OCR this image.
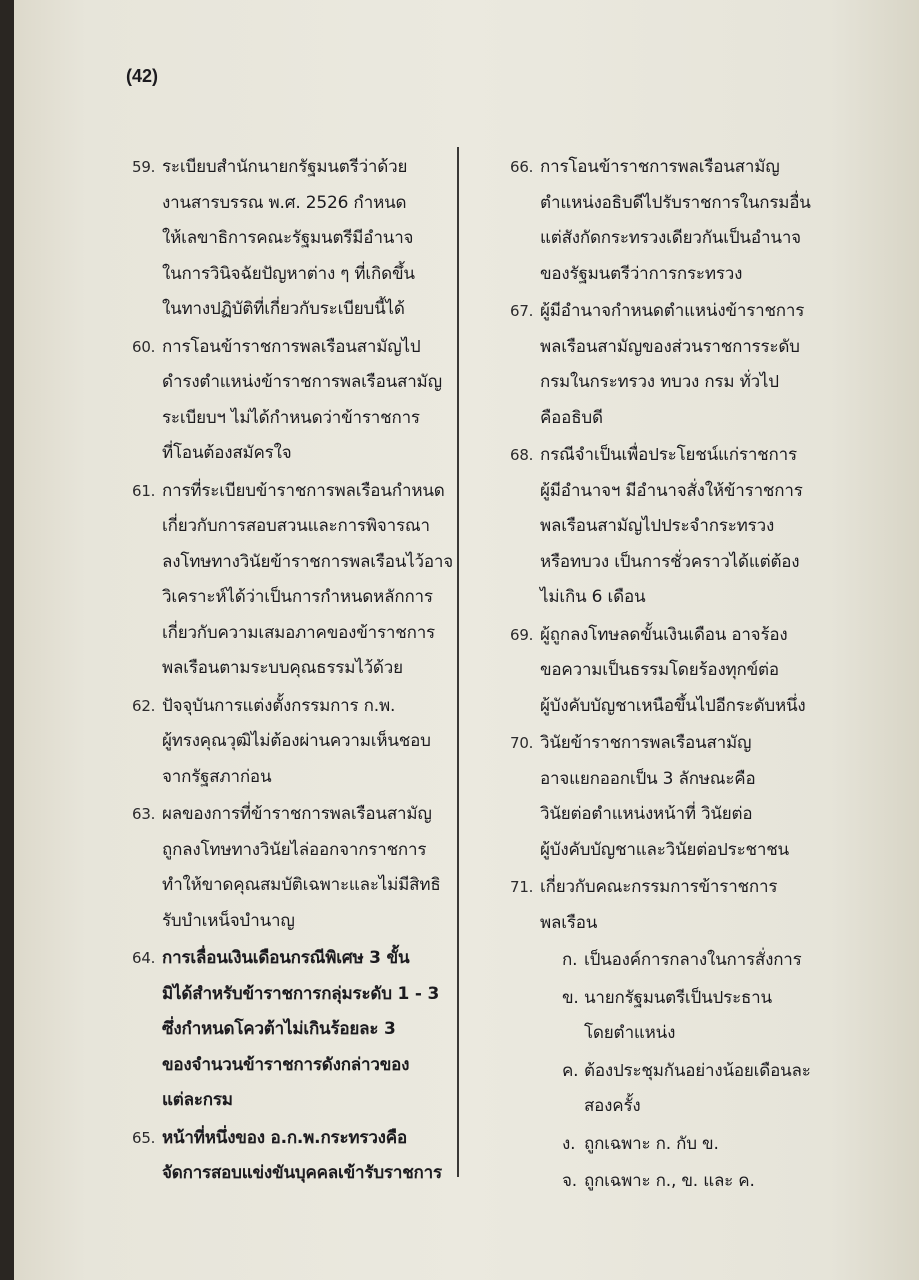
(42)
59. ระเบียบสำนักนายกรัฐมนตรีว่าด้วย
งานสารบรรณ พ.ศ. 2526 กำหนด
ให้เลขาธิการคณะรัฐมนตรีมีอำนาจ
ในการวินิจฉัยปัญหาต่าง ๆ ที่เกิดขึ้น
ในทางปฏิบัติที่เกี่ยวกับระเบียบนี้ได้
60. การโอนข้าราชการพลเรือนสามัญไป
ดำรงตำแหน่งข้าราชการพลเรือนสามัญ
ระเบียบฯ ไม่ได้กำหนดว่าข้าราชการ
ที่โอนต้องสมัครใจ
61. การที่ระเบียบข้าราชการพลเรือนกำหนด
เกี่ยวกับการสอบสวนและการพิจารณา
ลงโทษทางวินัยข้าราชการพลเรือนไว้อาจ
วิเคราะห์ได้ว่าเป็นการกำหนดหลักการ
เกี่ยวกับความเสมอภาคของข้าราชการ
พลเรือนตามระบบคุณธรรมไว้ด้วย
62. ปัจจุบันการแต่งตั้งกรรมการ ก.พ.
ผู้ทรงคุณวุฒิไม่ต้องผ่านความเห็นชอบ
จากรัฐสภาก่อน
63. ผลของการที่ข้าราชการพลเรือนสามัญ
ถูกลงโทษทางวินัยไล่ออกจากราชการ
ทำให้ขาดคุณสมบัติเฉพาะและไม่มีสิทธิ
รับบำเหน็จบำนาญ
64. การเลื่อนเงินเดือนกรณีพิเศษ 3 ขั้น
มิได้สำหรับข้าราชการกลุ่มระดับ 1 - 3
ซึ่งกำหนดโควต้าไม่เกินร้อยละ 3
ของจำนวนข้าราชการดังกล่าวของ
แต่ละกรม
65. หน้าที่หนึ่งของ อ.ก.พ.กระทรวงคือ
จัดการสอบแข่งขันบุคคลเข้ารับราชการ
66. การโอนข้าราชการพลเรือนสามัญ
ตำแหน่งอธิบดีไปรับราชการในกรมอื่น
แต่สังกัดกระทรวงเดียวกันเป็นอำนาจ
ของรัฐมนตรีว่าการกระทรวง
67. ผู้มีอำนาจกำหนดตำแหน่งข้าราชการ
พลเรือนสามัญของส่วนราชการระดับ
กรมในกระทรวง ทบวง กรม ทั่วไป
คืออธิบดี
68. กรณีจำเป็นเพื่อประโยชน์แก่ราชการ
ผู้มีอำนาจฯ มีอำนาจสั่งให้ข้าราชการ
พลเรือนสามัญไปประจำกระทรวง
หรือทบวง เป็นการชั่วคราวได้แต่ต้อง
ไม่เกิน 6 เดือน
69. ผู้ถูกลงโทษลดขั้นเงินเดือน อาจร้อง
ขอความเป็นธรรมโดยร้องทุกข์ต่อ
ผู้บังคับบัญชาเหนือขึ้นไปอีกระดับหนึ่ง
70. วินัยข้าราชการพลเรือนสามัญ
อาจแยกออกเป็น 3 ลักษณะคือ
วินัยต่อตำแหน่งหน้าที่ วินัยต่อ
ผู้บังคับบัญชาและวินัยต่อประชาชน
71. เกี่ยวกับคณะกรรมการข้าราชการ
พลเรือน
ก. เป็นองค์การกลางในการสั่งการ
ข. นายกรัฐมนตรีเป็นประธาน
โดยตำแหน่ง
ค. ต้องประชุมกันอย่างน้อยเดือนละ
สองครั้ง
ง. ถูกเฉพาะ ก. กับ ข.
จ. ถูกเฉพาะ ก., ข. และ ค.
